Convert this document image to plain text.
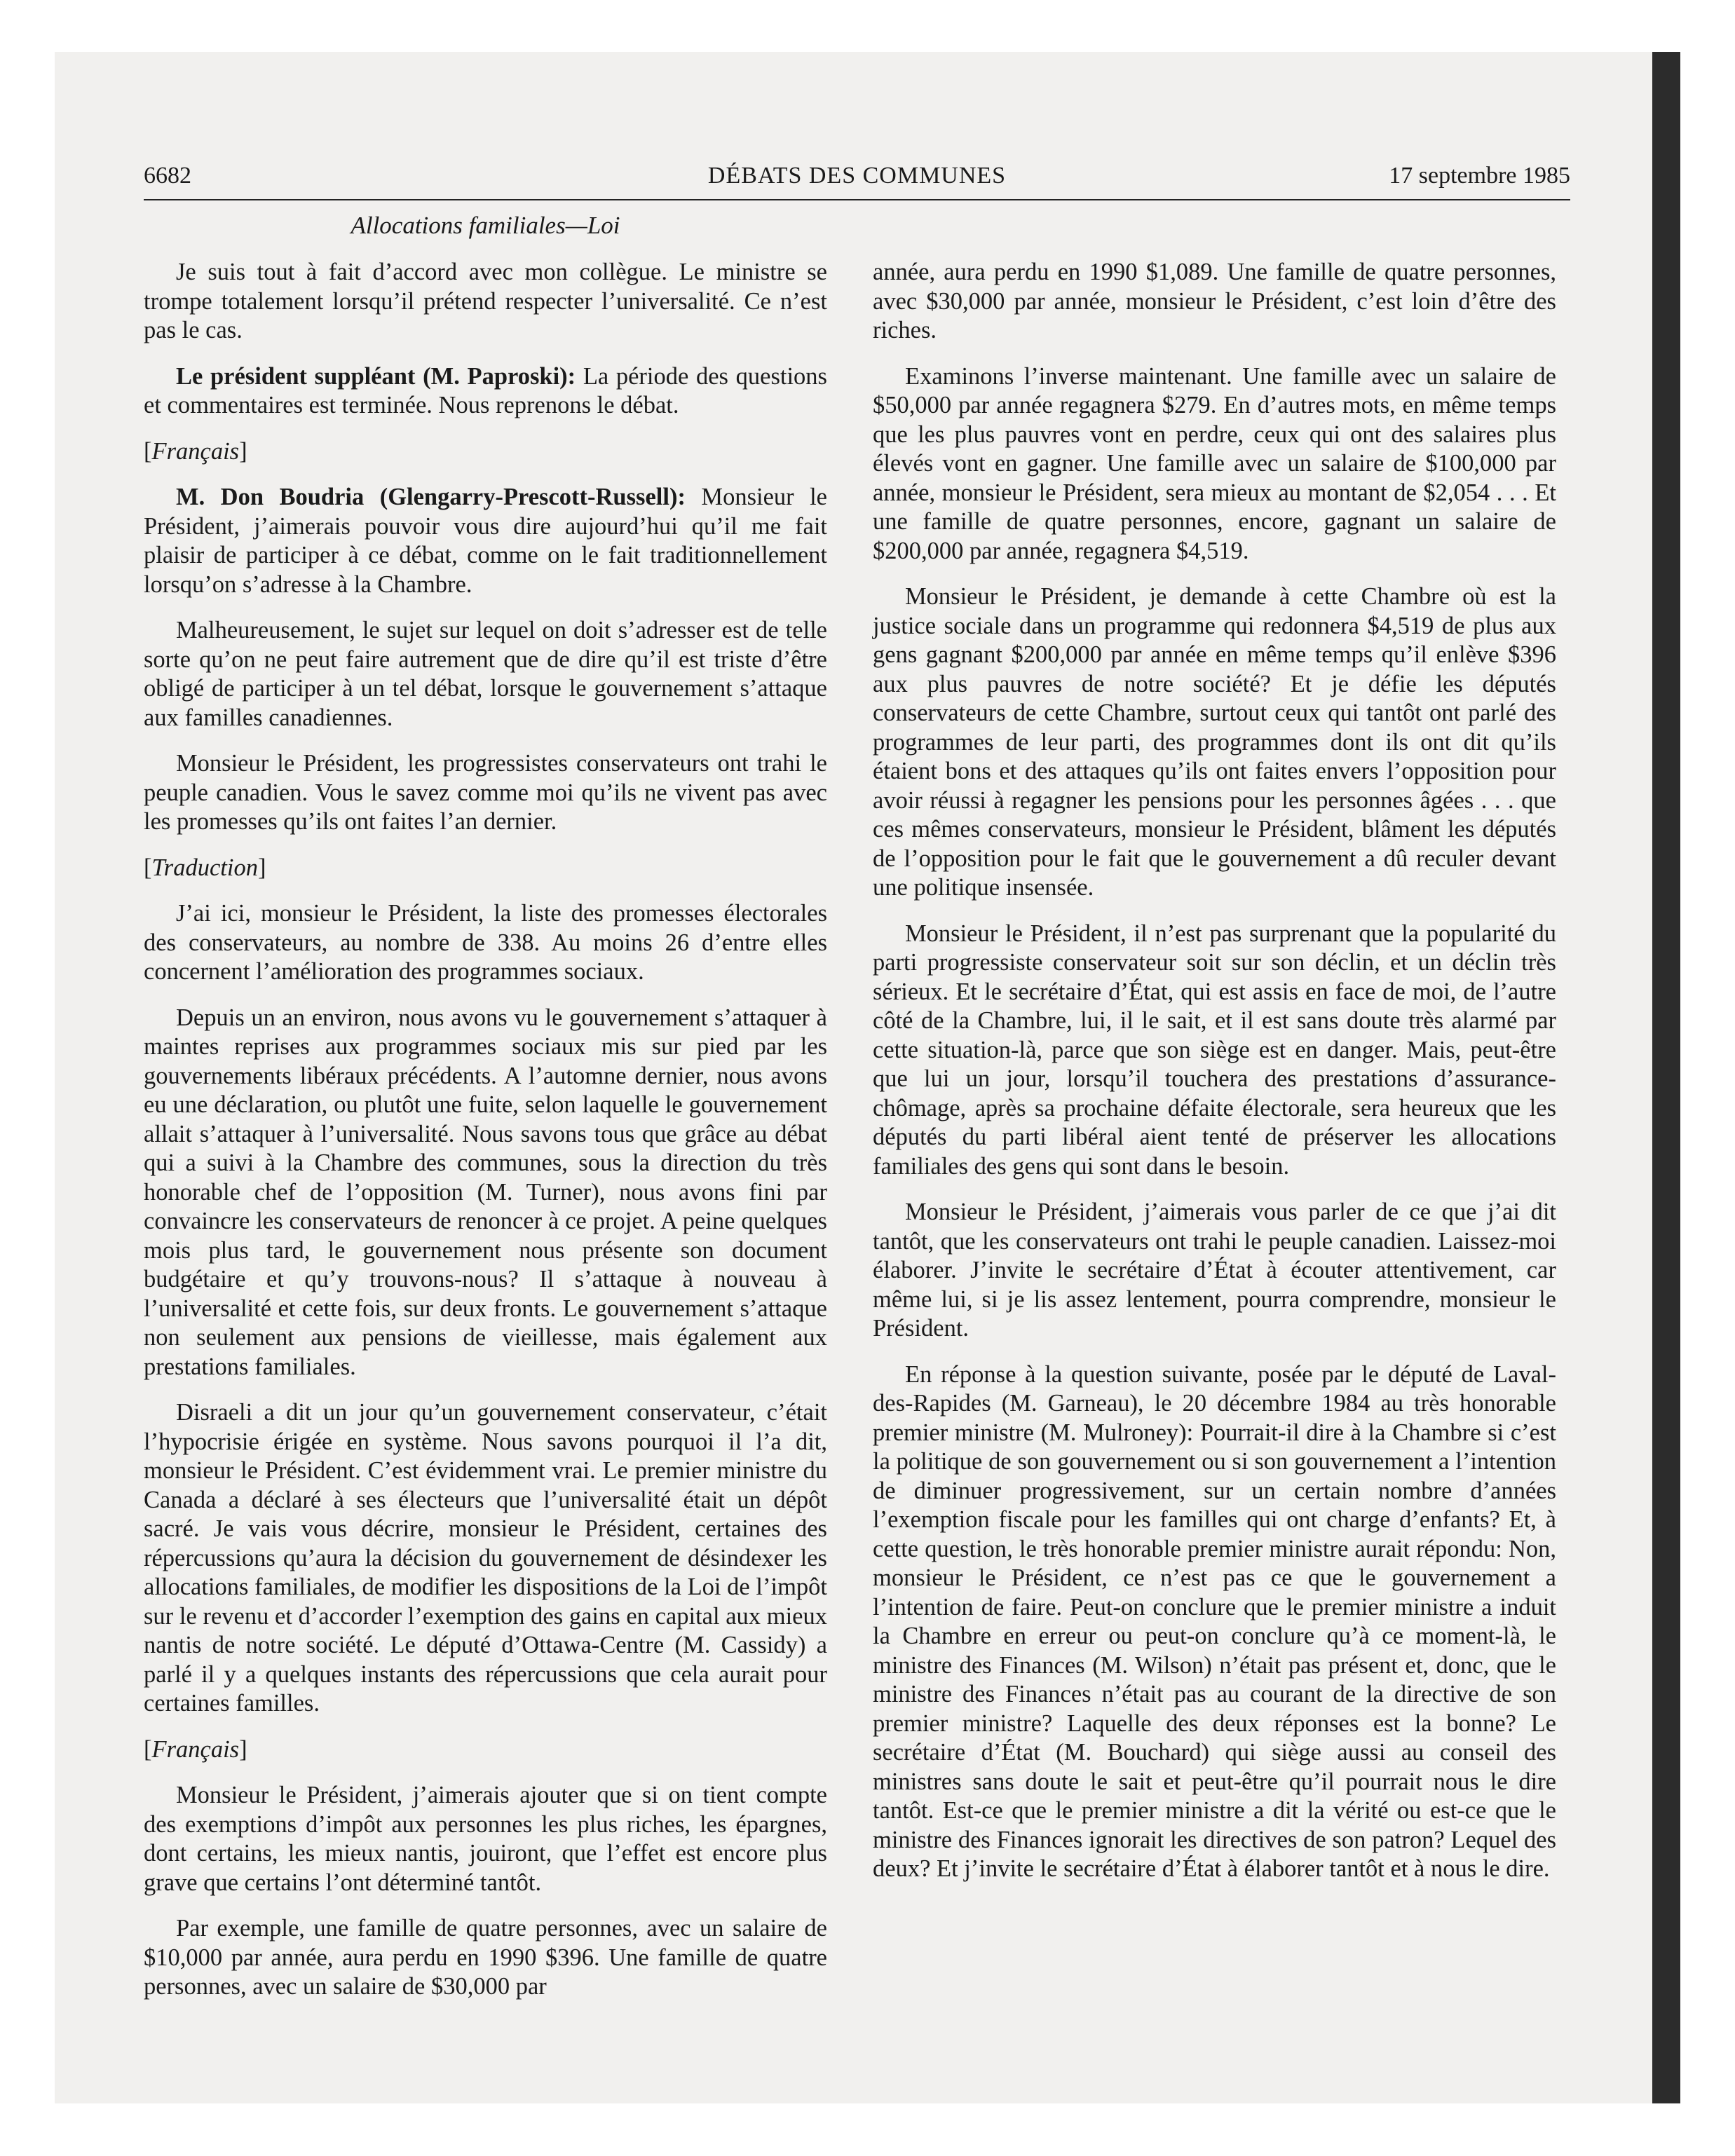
6682	DÉBATS DES COMMUNES	17 septembre 1985
Allocations familiales—Loi

Je suis tout à fait d’accord avec mon collègue. Le ministre se trompe totalement lorsqu’il prétend respecter l’universalité. Ce n’est pas le cas.

Le président suppléant (M. Paproski): La période des questions et commentaires est terminée. Nous reprenons le débat.

[Français]

M. Don Boudria (Glengarry-Prescott-Russell): Monsieur le Président, j’aimerais pouvoir vous dire aujourd’hui qu’il me fait plaisir de participer à ce débat, comme on le fait traditionnellement lorsqu’on s’adresse à la Chambre.

Malheureusement, le sujet sur lequel on doit s’adresser est de telle sorte qu’on ne peut faire autrement que de dire qu’il est triste d’être obligé de participer à un tel débat, lorsque le gouvernement s’attaque aux familles canadiennes.

Monsieur le Président, les progressistes conservateurs ont trahi le peuple canadien. Vous le savez comme moi qu’ils ne vivent pas avec les promesses qu’ils ont faites l’an dernier.

[Traduction]

J’ai ici, monsieur le Président, la liste des promesses électorales des conservateurs, au nombre de 338. Au moins 26 d’entre elles concernent l’amélioration des programmes sociaux.

Depuis un an environ, nous avons vu le gouvernement s’attaquer à maintes reprises aux programmes sociaux mis sur pied par les gouvernements libéraux précédents. A l’automne dernier, nous avons eu une déclaration, ou plutôt une fuite, selon laquelle le gouvernement allait s’attaquer à l’universalité. Nous savons tous que grâce au débat qui a suivi à la Chambre des communes, sous la direction du très honorable chef de l’opposition (M. Turner), nous avons fini par convaincre les conservateurs de renoncer à ce projet. A peine quelques mois plus tard, le gouvernement nous présente son document budgétaire et qu’y trouvons-nous? Il s’attaque à nouveau à l’universalité et cette fois, sur deux fronts. Le gouvernement s’attaque non seulement aux pensions de vieillesse, mais également aux prestations familiales.

Disraeli a dit un jour qu’un gouvernement conservateur, c’était l’hypocrisie érigée en système. Nous savons pourquoi il l’a dit, monsieur le Président. C’est évidemment vrai. Le premier ministre du Canada a déclaré à ses électeurs que l’universalité était un dépôt sacré. Je vais vous décrire, monsieur le Président, certaines des répercussions qu’aura la décision du gouvernement de désindexer les allocations familiales, de modifier les dispositions de la Loi de l’impôt sur le revenu et d’accorder l’exemption des gains en capital aux mieux nantis de notre société. Le député d’Ottawa-Centre (M. Cassidy) a parlé il y a quelques instants des répercussions que cela aurait pour certaines familles.

[Français]

Monsieur le Président, j’aimerais ajouter que si on tient compte des exemptions d’impôt aux personnes les plus riches, les épargnes, dont certains, les mieux nantis, jouiront, que l’effet est encore plus grave que certains l’ont déterminé tantôt.

Par exemple, une famille de quatre personnes, avec un salaire de $10,000 par année, aura perdu en 1990 $396. Une famille de quatre personnes, avec un salaire de $30,000 par

année, aura perdu en 1990 $1,089. Une famille de quatre personnes, avec $30,000 par année, monsieur le Président, c’est loin d’être des riches.

Examinons l’inverse maintenant. Une famille avec un salaire de $50,000 par année regagnera $279. En d’autres mots, en même temps que les plus pauvres vont en perdre, ceux qui ont des salaires plus élevés vont en gagner. Une famille avec un salaire de $100,000 par année, monsieur le Président, sera mieux au montant de $2,054 . . . Et une famille de quatre personnes, encore, gagnant un salaire de $200,000 par année, regagnera $4,519.

Monsieur le Président, je demande à cette Chambre où est la justice sociale dans un programme qui redonnera $4,519 de plus aux gens gagnant $200,000 par année en même temps qu’il enlève $396 aux plus pauvres de notre société? Et je défie les députés conservateurs de cette Chambre, surtout ceux qui tantôt ont parlé des programmes de leur parti, des programmes dont ils ont dit qu’ils étaient bons et des attaques qu’ils ont faites envers l’opposition pour avoir réussi à regagner les pensions pour les personnes âgées . . . que ces mêmes conservateurs, monsieur le Président, blâment les députés de l’opposition pour le fait que le gouvernement a dû reculer devant une politique insensée.

Monsieur le Président, il n’est pas surprenant que la popularité du parti progressiste conservateur soit sur son déclin, et un déclin très sérieux. Et le secrétaire d’État, qui est assis en face de moi, de l’autre côté de la Chambre, lui, il le sait, et il est sans doute très alarmé par cette situation-là, parce que son siège est en danger. Mais, peut-être que lui un jour, lorsqu’il touchera des prestations d’assurance-chômage, après sa prochaine défaite électorale, sera heureux que les députés du parti libéral aient tenté de préserver les allocations familiales des gens qui sont dans le besoin.

Monsieur le Président, j’aimerais vous parler de ce que j’ai dit tantôt, que les conservateurs ont trahi le peuple canadien. Laissez-moi élaborer. J’invite le secrétaire d’État à écouter attentivement, car même lui, si je lis assez lentement, pourra comprendre, monsieur le Président.

En réponse à la question suivante, posée par le député de Laval-des-Rapides (M. Garneau), le 20 décembre 1984 au très honorable premier ministre (M. Mulroney): Pourrait-il dire à la Chambre si c’est la politique de son gouvernement ou si son gouvernement a l’intention de diminuer progressivement, sur un certain nombre d’années l’exemption fiscale pour les familles qui ont charge d’enfants? Et, à cette question, le très honorable premier ministre aurait répondu: Non, monsieur le Président, ce n’est pas ce que le gouvernement a l’intention de faire. Peut-on conclure que le premier ministre a induit la Chambre en erreur ou peut-on conclure qu’à ce moment-là, le ministre des Finances (M. Wilson) n’était pas présent et, donc, que le ministre des Finances n’était pas au courant de la directive de son premier ministre? Laquelle des deux réponses est la bonne? Le secrétaire d’État (M. Bouchard) qui siège aussi au conseil des ministres sans doute le sait et peut-être qu’il pourrait nous le dire tantôt. Est-ce que le premier ministre a dit la vérité ou est-ce que le ministre des Finances ignorait les directives de son patron? Lequel des deux? Et j’invite le secrétaire d’État à élaborer tantôt et à nous le dire.
